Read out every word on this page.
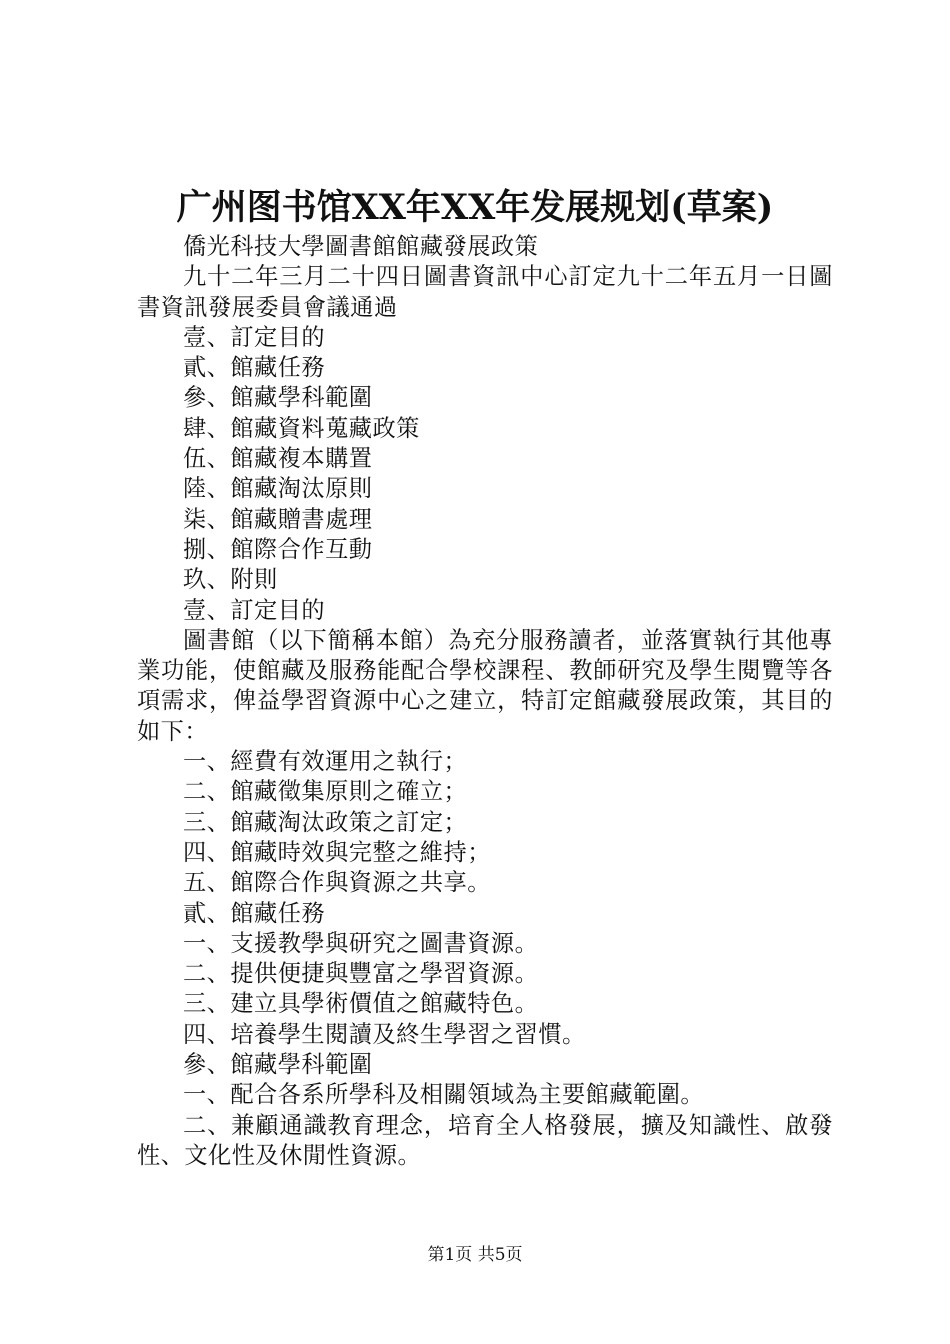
广州图书馆XX年XX年发展规划(草案)

僑光科技大學圖書館館藏發展政策

九十二年三月二十四日圖書資訊中心訂定九十二年五月一日圖書資訊發展委員會議通過

壹、訂定目的

貳、館藏任務

參、館藏學科範圍

肆、館藏資料蒐藏政策

伍、館藏複本購置

陸、館藏淘汰原則

柒、館藏贈書處理

捌、館際合作互動

玖、附則

壹、訂定目的

圖書館（以下簡稱本館）為充分服務讀者，並落實執行其他專業功能，使館藏及服務能配合學校課程、教師研究及學生閱覽等各項需求，俾益學習資源中心之建立，特訂定館藏發展政策，其目的如下：

一、經費有效運用之執行；

二、館藏徵集原則之確立；

三、館藏淘汰政策之訂定；

四、館藏時效與完整之維持；

五、館際合作與資源之共享。

貳、館藏任務

一、支援教學與研究之圖書資源。

二、提供便捷與豐富之學習資源。

三、建立具學術價值之館藏特色。

四、培養學生閱讀及終生學習之習慣。

參、館藏學科範圍

一、配合各系所學科及相關領域為主要館藏範圍。

二、兼顧通識教育理念，培育全人格發展，擴及知識性、啟發性、文化性及休閒性資源。

第1页 共5页
